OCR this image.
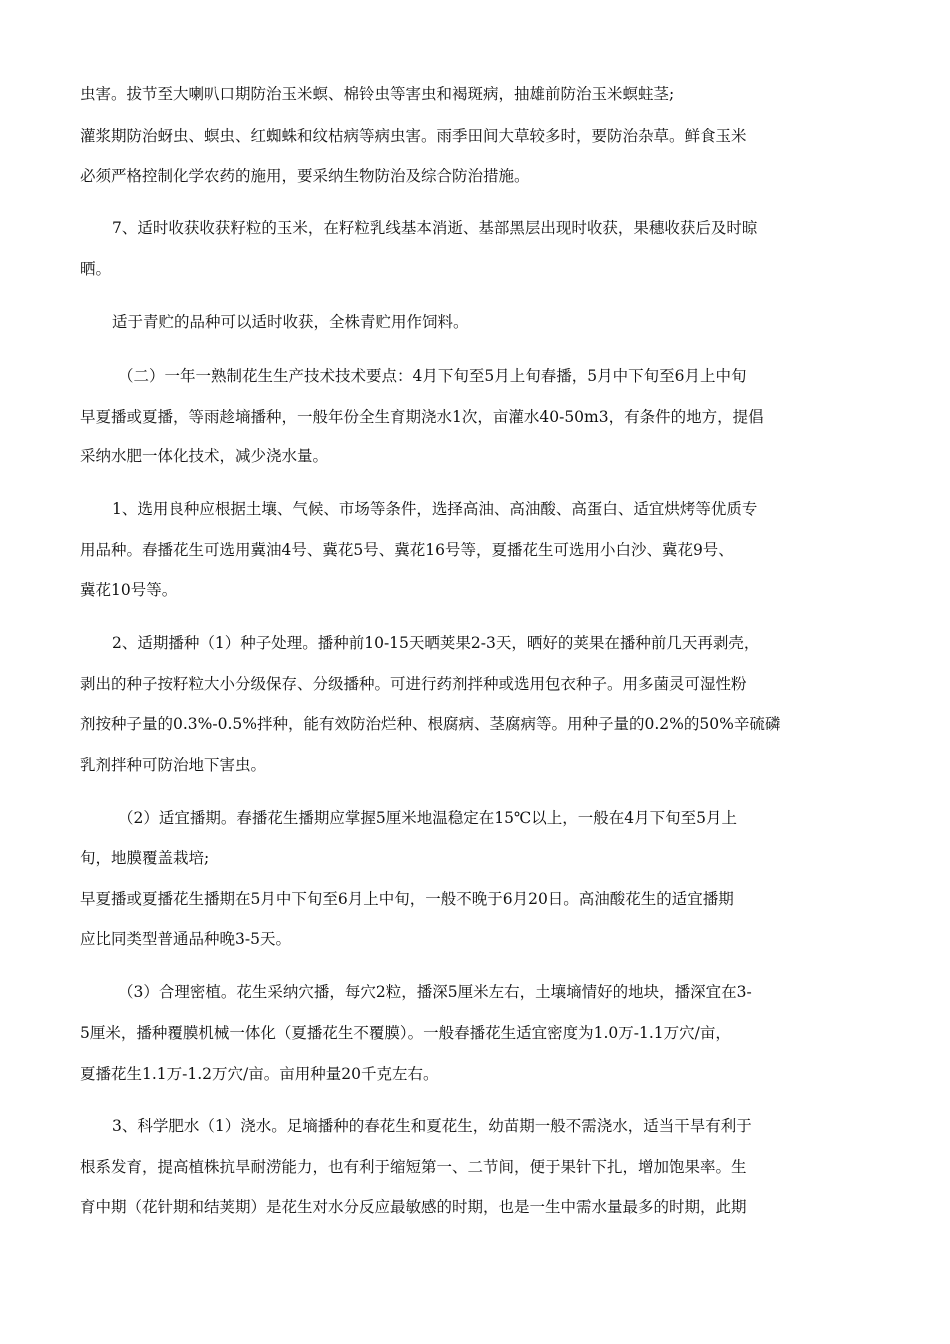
虫害。拔节至大喇叭口期防治玉米螟、棉铃虫等害虫和褐斑病，抽雄前防治玉米螟蛀茎;
灌浆期防治蚜虫、螟虫、红蜘蛛和纹枯病等病虫害。雨季田间大草较多时，要防治杂草。鲜食玉米
必须严格控制化学农药的施用，要采纳生物防治及综合防治措施。
7、适时收获收获籽粒的玉米，在籽粒乳线基本消逝、基部黑层出现时收获，果穗收获后及时晾
晒。
适于青贮的品种可以适时收获，全株青贮用作饲料。
（二）一年一熟制花生生产技术技术要点：4月下旬至5月上旬春播，5月中下旬至6月上中旬
早夏播或夏播，等雨趁墒播种，一般年份全生育期浇水1次，亩灌水40-50m3，有条件的地方，提倡
采纳水肥一体化技术，减少浇水量。
1、选用良种应根据土壤、气候、市场等条件，选择高油、高油酸、高蛋白、适宜烘烤等优质专
用品种。春播花生可选用冀油4号、冀花5号、冀花16号等，夏播花生可选用小白沙、冀花9号、
冀花10号等。
2、适期播种（1）种子处理。播种前10-15天晒荚果2-3天，晒好的荚果在播种前几天再剥壳，
剥出的种子按籽粒大小分级保存、分级播种。可进行药剂拌种或选用包衣种子。用多菌灵可湿性粉
剂按种子量的0.3%-0.5%拌种，能有效防治烂种、根腐病、茎腐病等。用种子量的0.2%的50%辛硫磷
乳剂拌种可防治地下害虫。
（2）适宜播期。春播花生播期应掌握5厘米地温稳定在15℃以上，一般在4月下旬至5月上
旬，地膜覆盖栽培;
早夏播或夏播花生播期在5月中下旬至6月上中旬，一般不晚于6月20日。高油酸花生的适宜播期
应比同类型普通品种晚3-5天。
（3）合理密植。花生采纳穴播，每穴2粒，播深5厘米左右，土壤墒情好的地块，播深宜在3-
5厘米，播种覆膜机械一体化（夏播花生不覆膜）。一般春播花生适宜密度为1.0万-1.1万穴/亩，
夏播花生1.1万-1.2万穴/亩。亩用种量20千克左右。
3、科学肥水（1）浇水。足墒播种的春花生和夏花生，幼苗期一般不需浇水，适当干旱有利于
根系发育，提高植株抗旱耐涝能力，也有利于缩短第一、二节间，便于果针下扎，增加饱果率。生
育中期（花针期和结荚期）是花生对水分反应最敏感的时期，也是一生中需水量最多的时期，此期
